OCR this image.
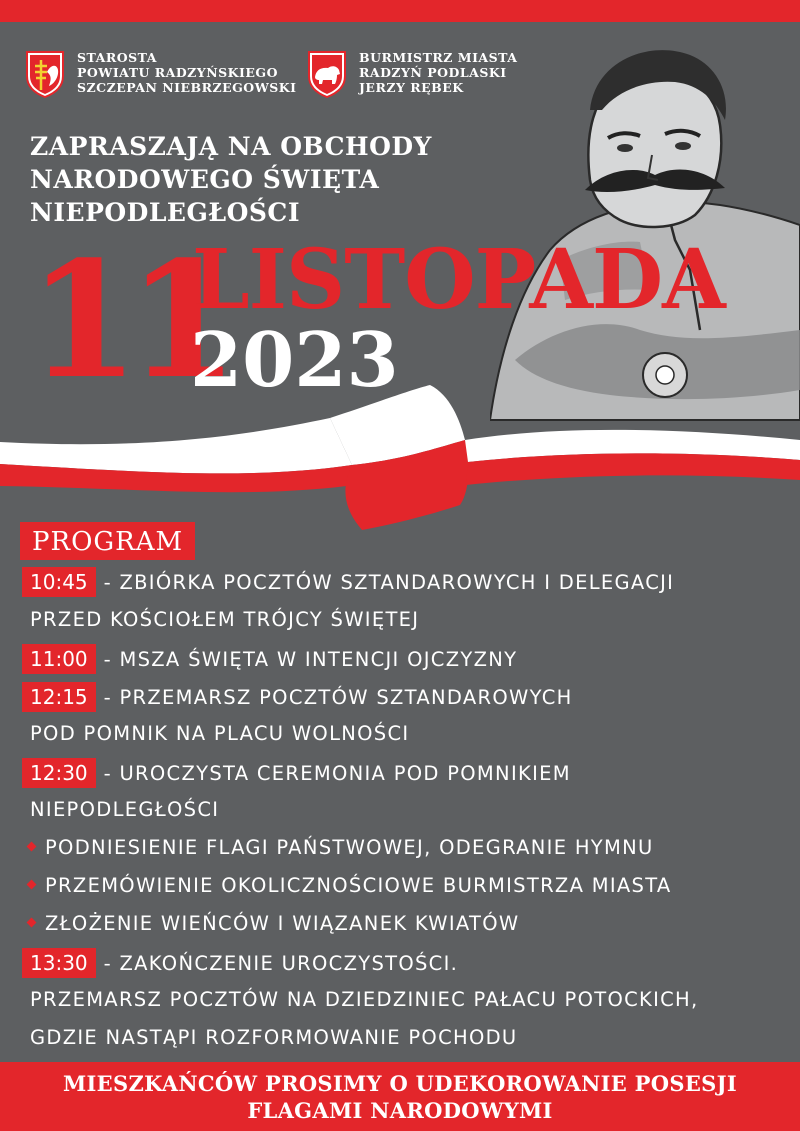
STAROSTA
POWIATU RADZYŃSKIEGO
SZCZEPAN NIEBRZEGOWSKI
BURMISTRZ MIASTA
RADZYŃ PODLASKI
JERZY RĘBEK
ZAPRASZAJĄ NA OBCHODY
NARODOWEGO ŚWIĘTA
NIEPODLEGŁOŚCI
11
LISTOPADA
2023
PROGRAM
10:45 - ZBIÓRKA POCZTÓW SZTANDAROWYCH I DELEGACJI
PRZED KOŚCIOŁEM TRÓJCY ŚWIĘTEJ
11:00 - MSZA ŚWIĘTA W INTENCJI OJCZYZNY
12:15 - PRZEMARSZ POCZTÓW SZTANDAROWYCH
POD POMNIK NA PLACU WOLNOŚCI
12:30 - UROCZYSTA CEREMONIA POD POMNIKIEM
NIEPODLEGŁOŚCI
PODNIESIENIE FLAGI PAŃSTWOWEJ, ODEGRANIE HYMNU
PRZEMÓWIENIE OKOLICZNOŚCIOWE BURMISTRZA MIASTA
ZŁOŻENIE WIEŃCÓW I WIĄZANEK KWIATÓW
13:30 - ZAKOŃCZENIE UROCZYSTOŚCI.
PRZEMARSZ POCZTÓW NA DZIEDZINIEC PAŁACU POTOCKICH,
GDZIE NASTĄPI ROZFORMOWANIE POCHODU
MIESZKAŃCÓW PROSIMY O UDEKOROWANIE POSESJI
FLAGAMI NARODOWYMI
